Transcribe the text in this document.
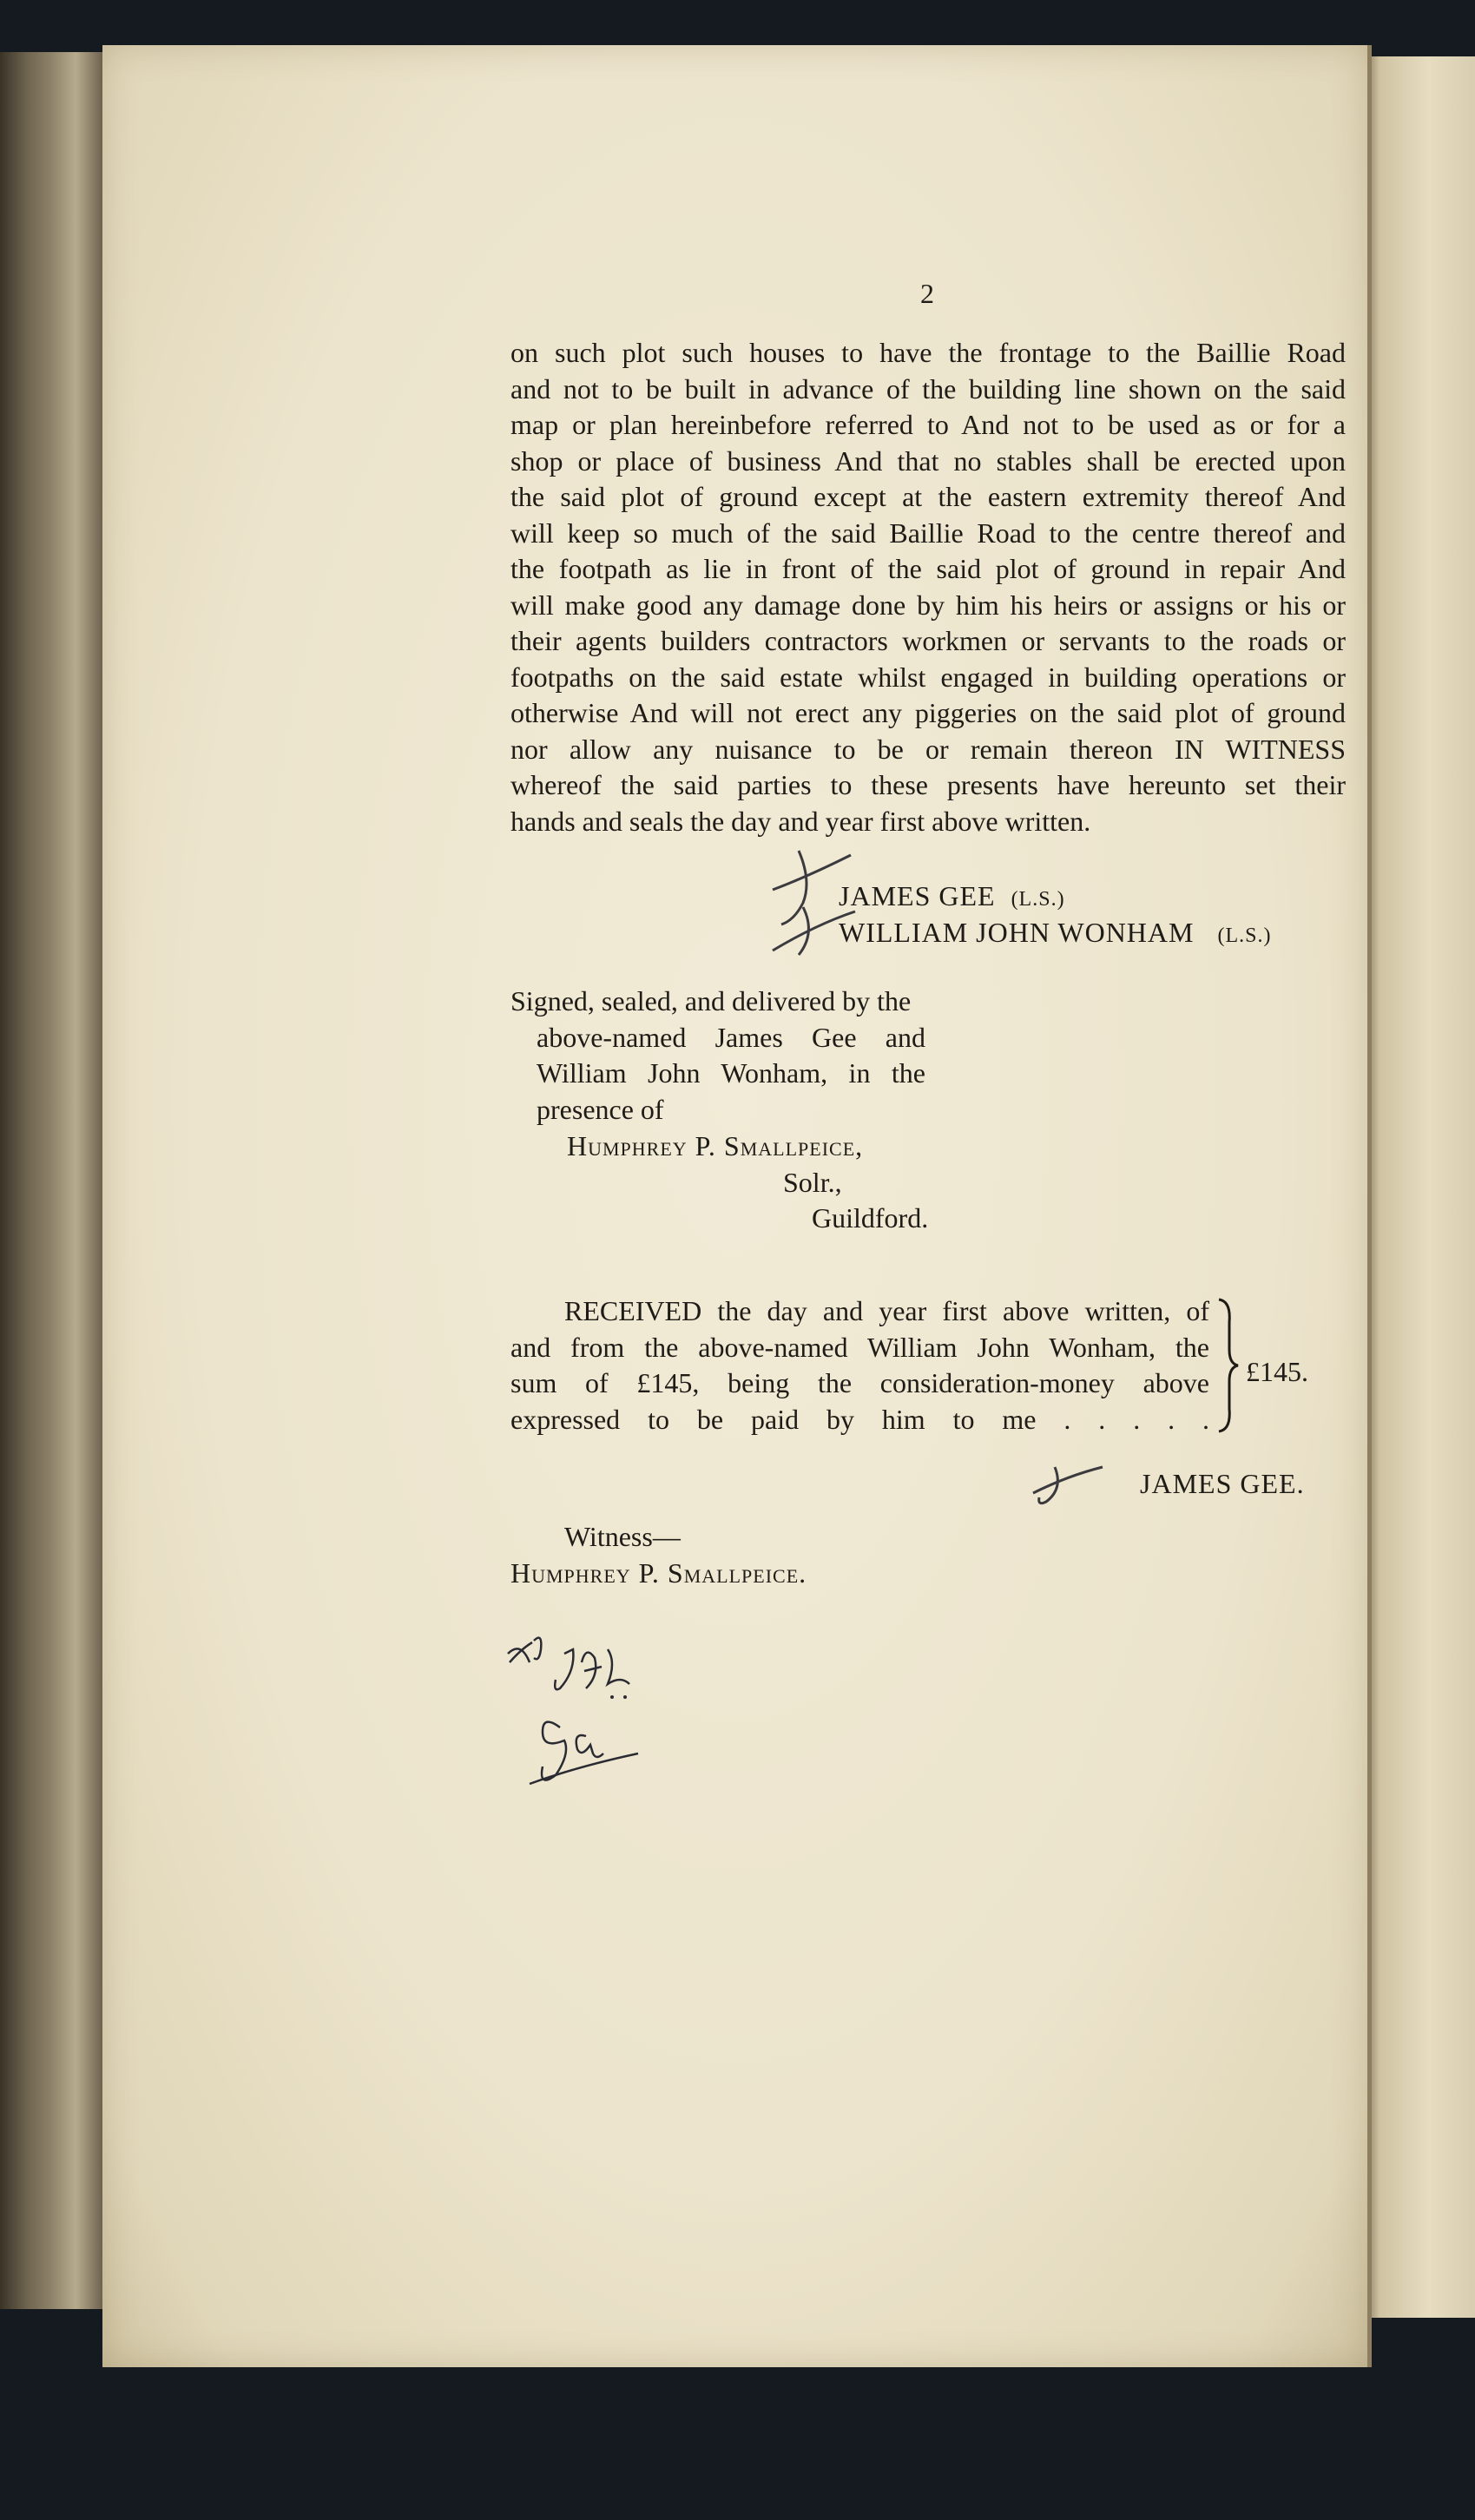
2
on such plot such houses to have the frontage to the Baillie Road
and not to be built in advance of the building line shown on the said
map or plan hereinbefore referred to And not to be used as or for a
shop or place of business And that no stables shall be erected upon
the said plot of ground except at the eastern extremity thereof And
will keep so much of the said Baillie Road to the centre thereof and
the footpath as lie in front of the said plot of ground in repair And
will make good any damage done by him his heirs or assigns or his or
their agents builders contractors workmen or servants to the roads or
footpaths on the said estate whilst engaged in building operations or
otherwise And will not erect any piggeries on the said plot of ground
nor allow any nuisance to be or remain thereon IN WITNESS
whereof the said parties to these presents have hereunto set their
hands and seals the day and year first above written.
JAMES GEE (L.S.)
WILLIAM JOHN WONHAM (L.S.)
Signed, sealed, and delivered by the
above-named James Gee and
William John Wonham, in the
presence of
Humphrey P. Smallpeice,
Solr.,
Guildford.
RECEIVED the day and year first above written, of
and from the above-named William John Wonham, the
sum of £145, being the consideration-money above
expressed to be paid by him to me . . . . .
£145.
JAMES GEE.
Witness—
Humphrey P. Smallpeice.
